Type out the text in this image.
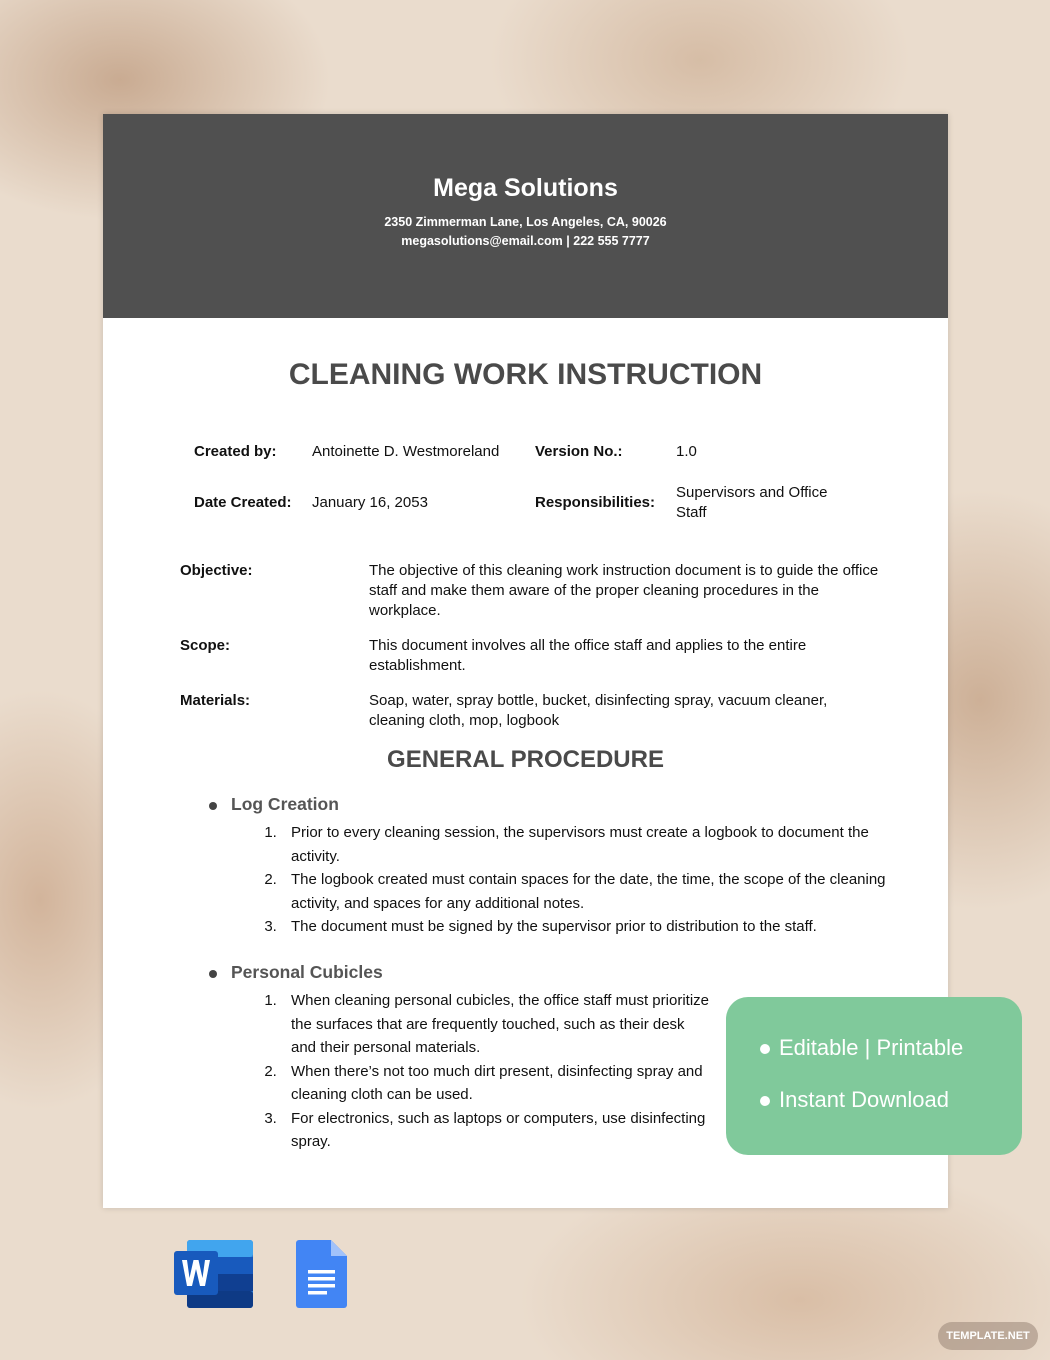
Mega Solutions

2350 Zimmerman Lane, Los Angeles, CA, 90026

megasolutions@email.com | 222 555 7777

CLEANING WORK INSTRUCTION
Created by: Antoinette D. Westmoreland Version No.:	1.0
Date Created: January 16, 2053	Responsibilities:
Supervisors and Office Staff
Objective:	The objective of this cleaning work instruction document is to guide the office staff and make them aware of the proper cleaning procedures in the workplace.
Scope:	This document involves all the office staff and applies to the entire establishment.
Materials:	Soap, water, spray bottle, bucket, disinfecting spray, vacuum cleaner, cleaning cloth, mop, logbook
GENERAL PROCEDURE
Log Creation
1. Prior to every cleaning session, the supervisors must create a logbook to document the activity.
2. The logbook created must contain spaces for the date, the time, the scope of the cleaning activity, and spaces for any additional notes.
3. The document must be signed by the supervisor prior to distribution to the staff.
Personal Cubicles
1. When cleaning personal cubicles, the office staff must prioritize the surfaces that are frequently touched, such as their desk and their personal materials.
2. When there’s not too much dirt present, disinfecting spray and cleaning cloth can be used.
3. For electronics, such as laptops or computers, use disinfecting spray.
Editable | Printable
Instant Download
TEMPLATE.NET
